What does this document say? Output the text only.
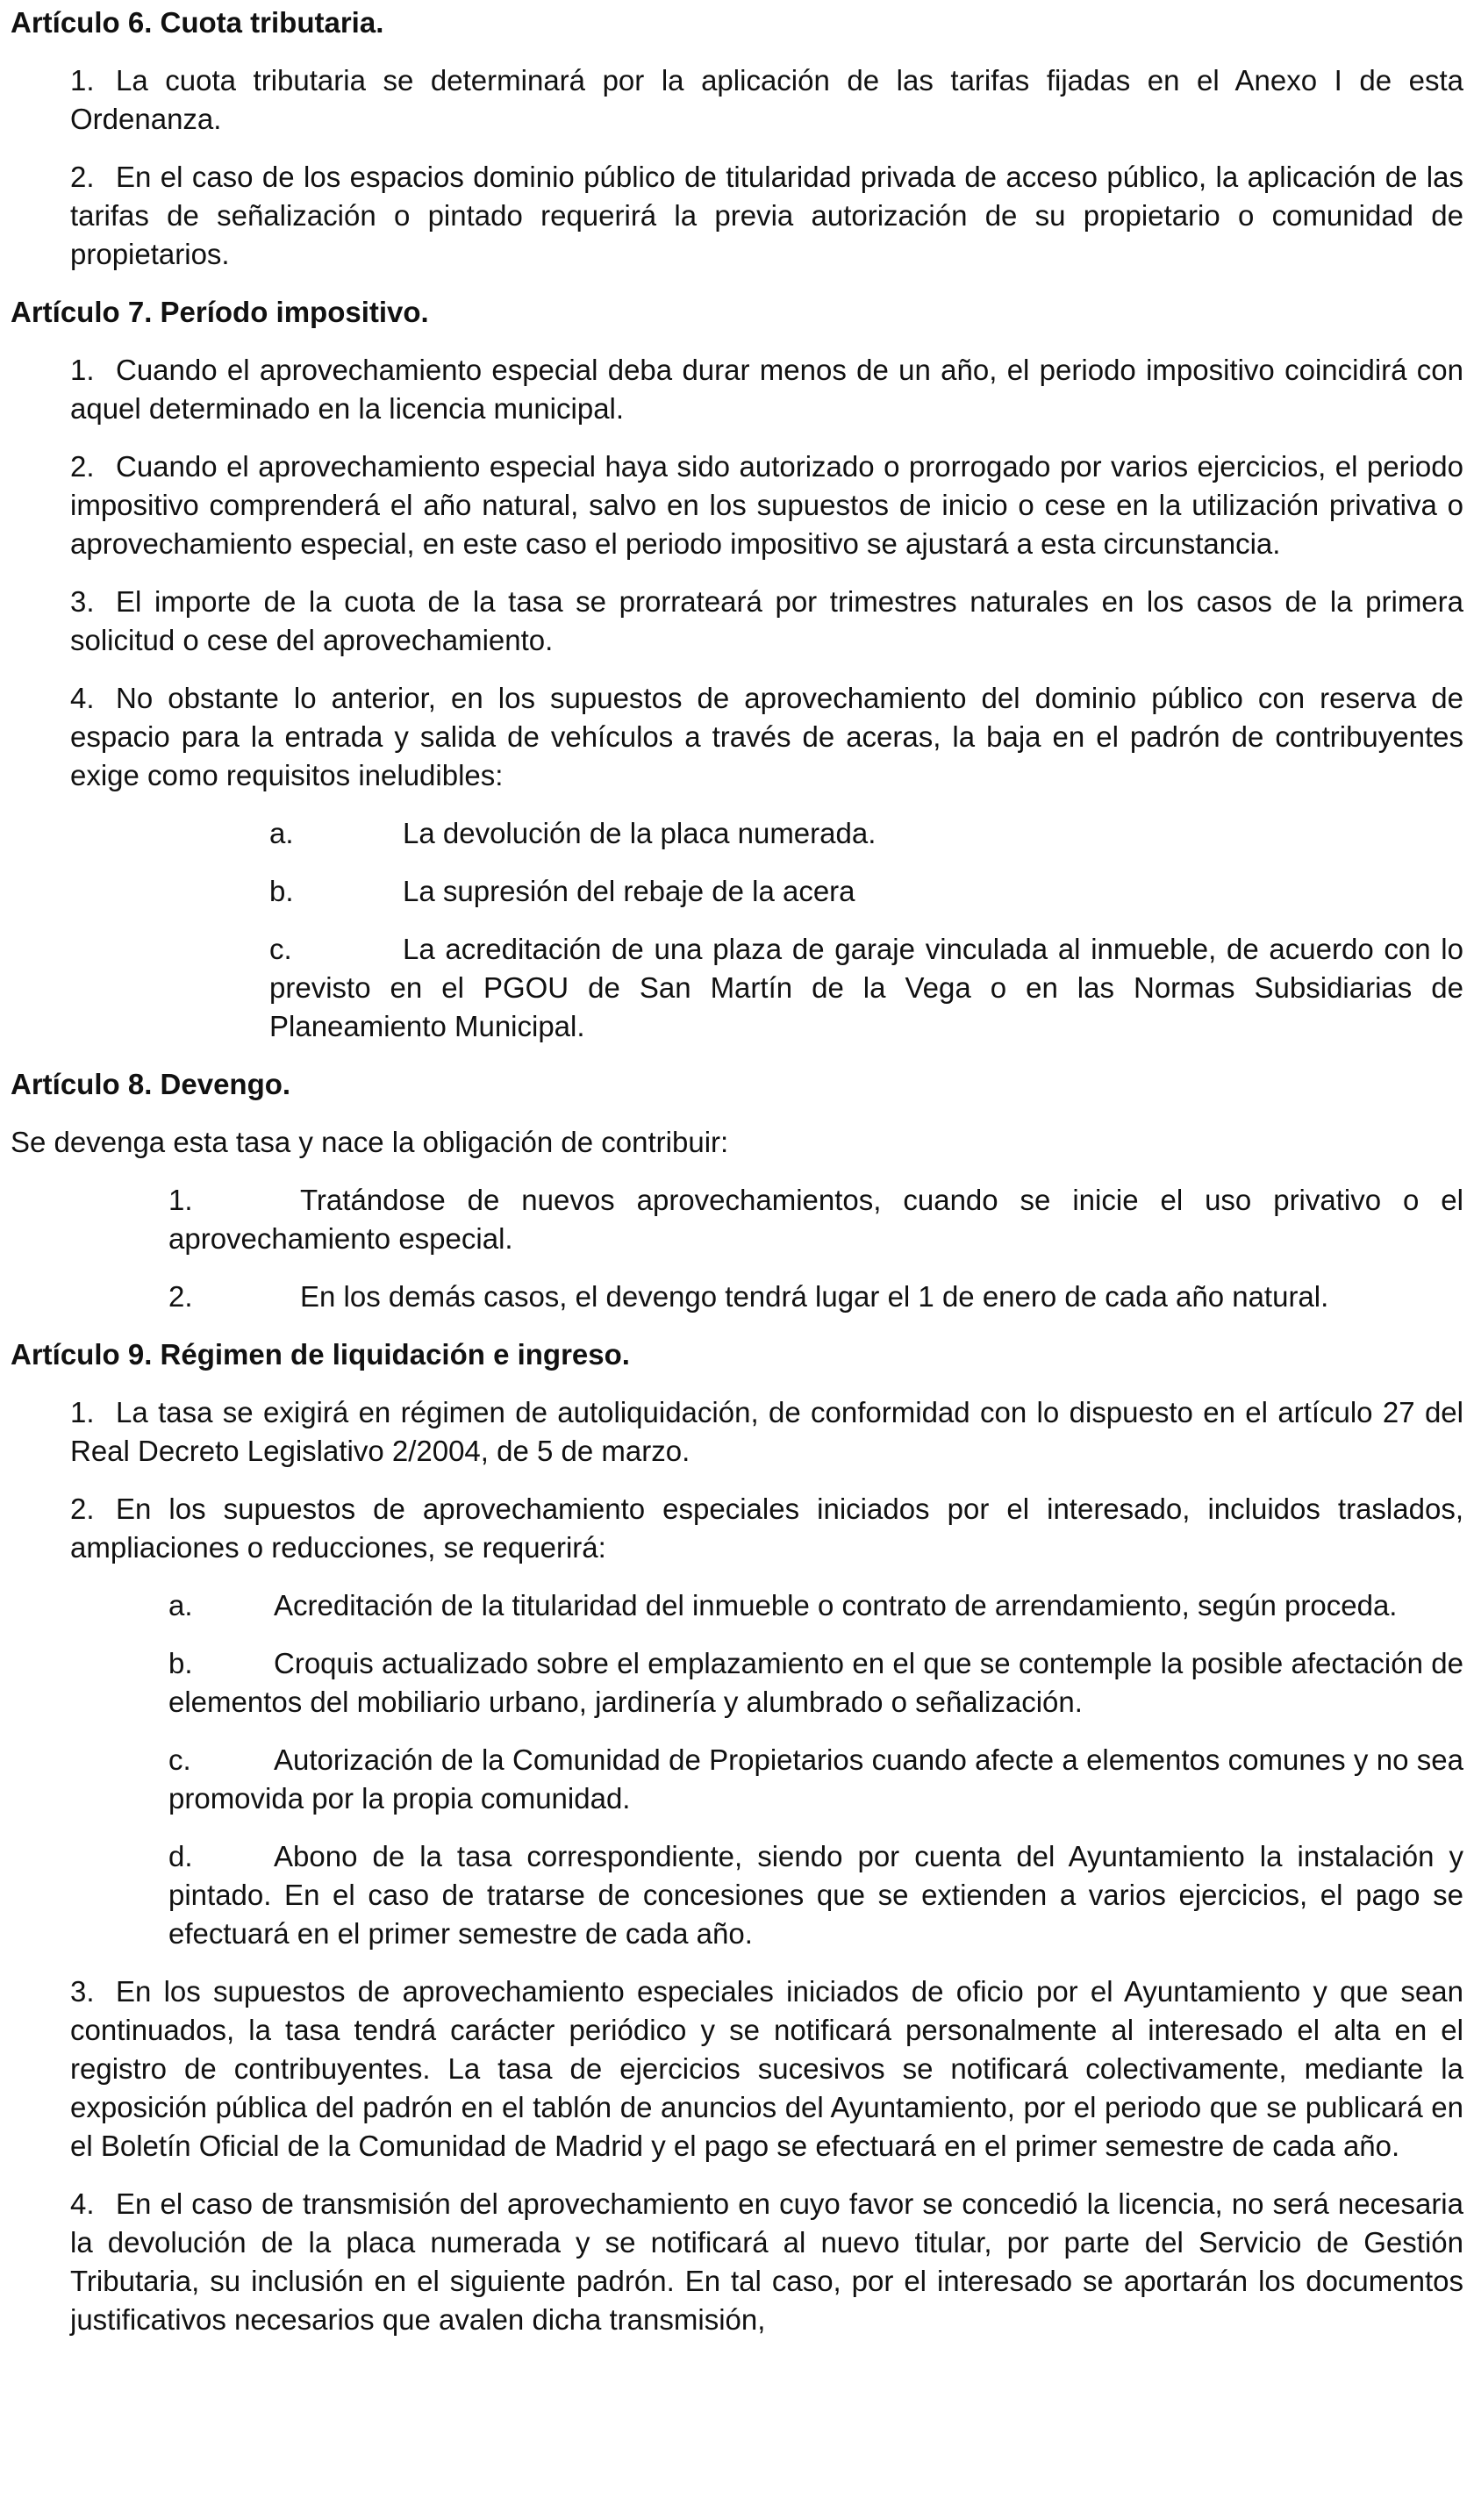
Artículo 6. Cuota tributaria.
1. La cuota tributaria se determinará por la aplicación de las tarifas fijadas en el Anexo I de esta Ordenanza.
2. En el caso de los espacios dominio público de titularidad privada de acceso público, la aplicación de las tarifas de señalización o pintado requerirá la previa autorización de su propietario o comunidad de propietarios.
Artículo 7. Período impositivo.
1. Cuando el aprovechamiento especial deba durar menos de un año, el periodo impositivo coincidirá con aquel determinado en la licencia municipal.
2. Cuando el aprovechamiento especial haya sido autorizado o prorrogado por varios ejercicios, el periodo impositivo comprenderá el año natural, salvo en los supuestos de inicio o cese en la utilización privativa o aprovechamiento especial, en este caso el periodo impositivo se ajustará a esta circunstancia.
3. El importe de la cuota de la tasa se prorrateará por trimestres naturales en los casos de la primera solicitud o cese del aprovechamiento.
4. No obstante lo anterior, en los supuestos de aprovechamiento del dominio público con reserva de espacio para la entrada y salida de vehículos a través de aceras, la baja en el padrón de contribuyentes exige como requisitos ineludibles:
a.	La devolución de la placa numerada.
b.	La supresión del rebaje de la acera
c.	La acreditación de una plaza de garaje vinculada al inmueble, de acuerdo con lo previsto en el PGOU de San Martín de la Vega o en las Normas Subsidiarias de Planeamiento Municipal.
Artículo 8. Devengo.
Se devenga esta tasa y nace la obligación de contribuir:
1.	Tratándose de nuevos aprovechamientos, cuando se inicie el uso privativo o el aprovechamiento especial.
2.	En los demás casos, el devengo tendrá lugar el 1 de enero de cada año natural.
Artículo 9. Régimen de liquidación e ingreso.
1. La tasa se exigirá en régimen de autoliquidación, de conformidad con lo dispuesto en el artículo 27 del Real Decreto Legislativo 2/2004, de 5 de marzo.
2. En los supuestos de aprovechamiento especiales iniciados por el interesado, incluidos traslados, ampliaciones o reducciones, se requerirá:
a.	Acreditación de la titularidad del inmueble o contrato de arrendamiento, según proceda.
b.	Croquis actualizado sobre el emplazamiento en el que se contemple la posible afectación de elementos del mobiliario urbano, jardinería y alumbrado o señalización.
c.	Autorización de la Comunidad de Propietarios cuando afecte a elementos comunes y no sea promovida por la propia comunidad.
d.	Abono de la tasa correspondiente, siendo por cuenta del Ayuntamiento la instalación y pintado. En el caso de tratarse de concesiones que se extienden a varios ejercicios, el pago se efectuará en el primer semestre de cada año.
3. En los supuestos de aprovechamiento especiales iniciados de oficio por el Ayuntamiento y que sean continuados, la tasa tendrá carácter periódico y se notificará personalmente al interesado el alta en el registro de contribuyentes. La tasa de ejercicios sucesivos se notificará colectivamente, mediante la exposición pública del padrón en el tablón de anuncios del Ayuntamiento, por el periodo que se publicará en el Boletín Oficial de la Comunidad de Madrid y el pago se efectuará en el primer semestre de cada año.
4. En el caso de transmisión del aprovechamiento en cuyo favor se concedió la licencia, no será necesaria la devolución de la placa numerada y se notificará al nuevo titular, por parte del Servicio de Gestión Tributaria, su inclusión en el siguiente padrón. En tal caso, por el interesado se aportarán los documentos justificativos necesarios que avalen dicha transmisión,
